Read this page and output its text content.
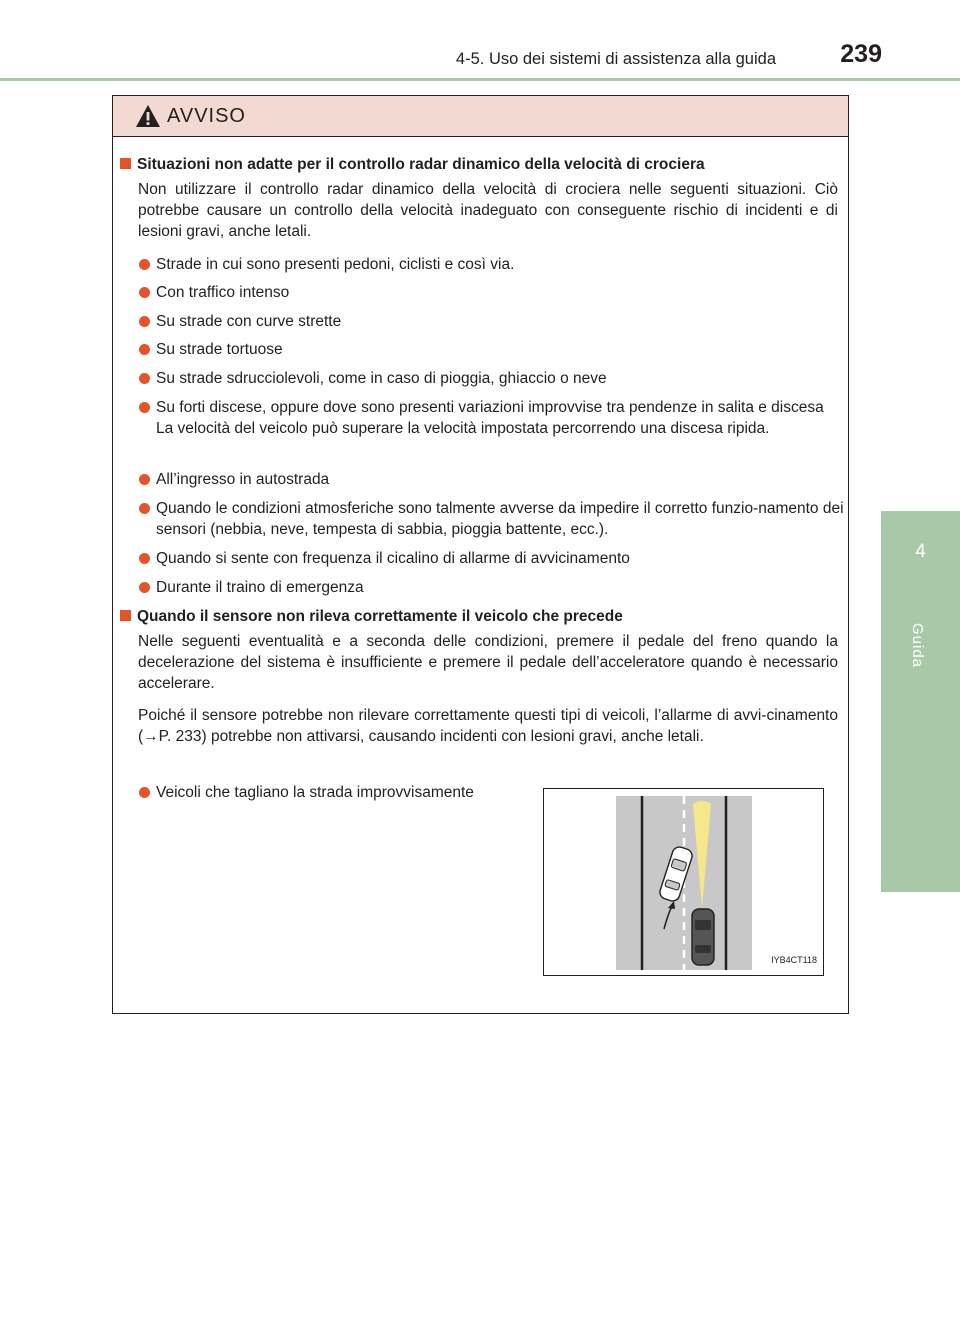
4-5. Uso dei sistemi di assistenza alla guida	239
4
Guida
AVVISO
Situazioni non adatte per il controllo radar dinamico della velocità di crociera
Non utilizzare il controllo radar dinamico della velocità di crociera nelle seguenti situazioni. Ciò potrebbe causare un controllo della velocità inadeguato con conseguente rischio di incidenti e di lesioni gravi, anche letali.
Strade in cui sono presenti pedoni, ciclisti e così via.
Con traffico intenso
Su strade con curve strette
Su strade tortuose
Su strade sdrucciolevoli, come in caso di pioggia, ghiaccio o neve
Su forti discese, oppure dove sono presenti variazioni improvvise tra pendenze in salita e discesa
La velocità del veicolo può superare la velocità impostata percorrendo una discesa ripida.
All’ingresso in autostrada
Quando le condizioni atmosferiche sono talmente avverse da impedire il corretto funzio-namento dei sensori (nebbia, neve, tempesta di sabbia, pioggia battente, ecc.).
Quando si sente con frequenza il cicalino di allarme di avvicinamento
Durante il traino di emergenza
Quando il sensore non rileva correttamente il veicolo che precede
Nelle seguenti eventualità e a seconda delle condizioni, premere il pedale del freno quando la decelerazione del sistema è insufficiente e premere il pedale dell’acceleratore quando è necessario accelerare.
Poiché il sensore potrebbe non rilevare correttamente questi tipi di veicoli, l’allarme di avvi-cinamento (→P. 233) potrebbe non attivarsi, causando incidenti con lesioni gravi, anche letali.
Veicoli che tagliano la strada improvvisamente
IYB4CT118
